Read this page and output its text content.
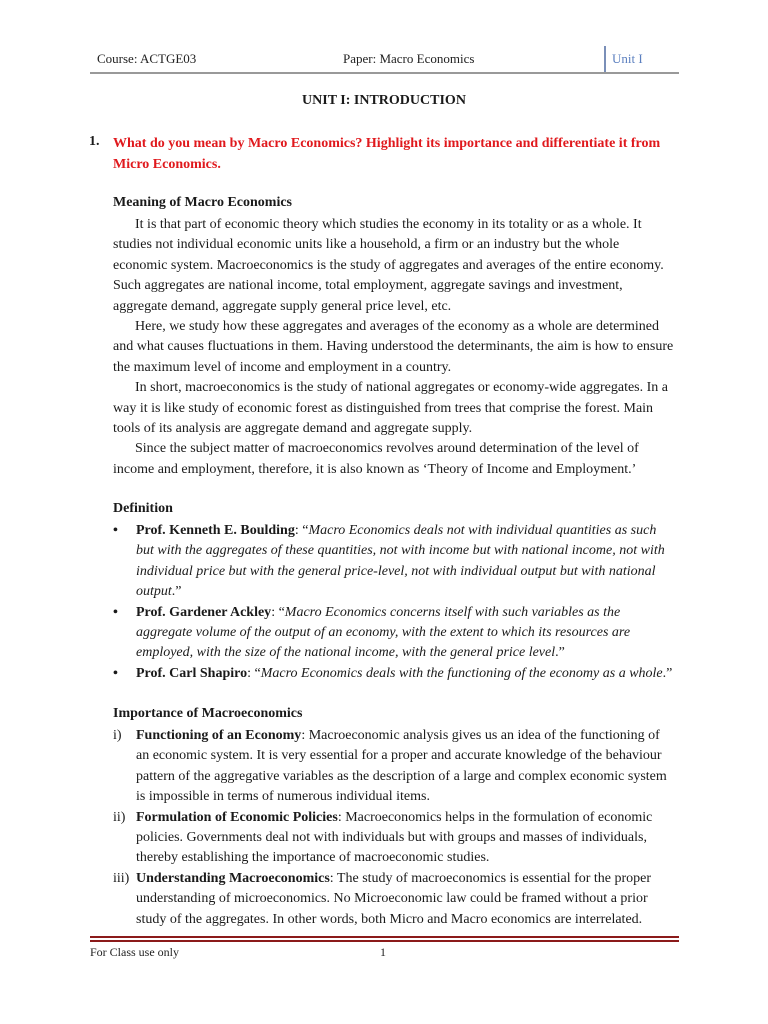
Course: ACTGE03	Paper: Macro Economics	Unit I
UNIT I: INTRODUCTION
1. What do you mean by Macro Economics? Highlight its importance and differentiate it from Micro Economics.
Meaning of Macro Economics

It is that part of economic theory which studies the economy in its totality or as a whole. It studies not individual economic units like a household, a firm or an industry but the whole economic system. Macroeconomics is the study of aggregates and averages of the entire economy. Such aggregates are national income, total employment, aggregate savings and investment, aggregate demand, aggregate supply general price level, etc.

Here, we study how these aggregates and averages of the economy as a whole are determined and what causes fluctuations in them. Having understood the determinants, the aim is how to ensure the maximum level of income and employment in a country.

In short, macroeconomics is the study of national aggregates or economy-wide aggregates. In a way it is like study of economic forest as distinguished from trees that comprise the forest. Main tools of its analysis are aggregate demand and aggregate supply.

Since the subject matter of macroeconomics revolves around determination of the level of income and employment, therefore, it is also known as ‘Theory of Income and Employment.’

Definition
• Prof. Kenneth E. Boulding: “Macro Economics deals not with individual quantities as such but with the aggregates of these quantities, not with income but with national income, not with individual price but with the general price-level, not with individual output but with national output.”
• Prof. Gardener Ackley: “Macro Economics concerns itself with such variables as the aggregate volume of the output of an economy, with the extent to which its resources are employed, with the size of the national income, with the general price level.”
• Prof. Carl Shapiro: “Macro Economics deals with the functioning of the economy as a whole.”
Importance of Macroeconomics
i) Functioning of an Economy: Macroeconomic analysis gives us an idea of the functioning of an economic system. It is very essential for a proper and accurate knowledge of the behaviour pattern of the aggregative variables as the description of a large and complex economic system is impossible in terms of numerous individual items.
ii) Formulation of Economic Policies: Macroeconomics helps in the formulation of economic policies. Governments deal not with individuals but with groups and masses of individuals, thereby establishing the importance of macroeconomic studies.
iii) Understanding Macroeconomics: The study of macroeconomics is essential for the proper understanding of microeconomics. No Microeconomic law could be framed without a prior study of the aggregates. In other words, both Micro and Macro economics are interrelated.
For Class use only	1
